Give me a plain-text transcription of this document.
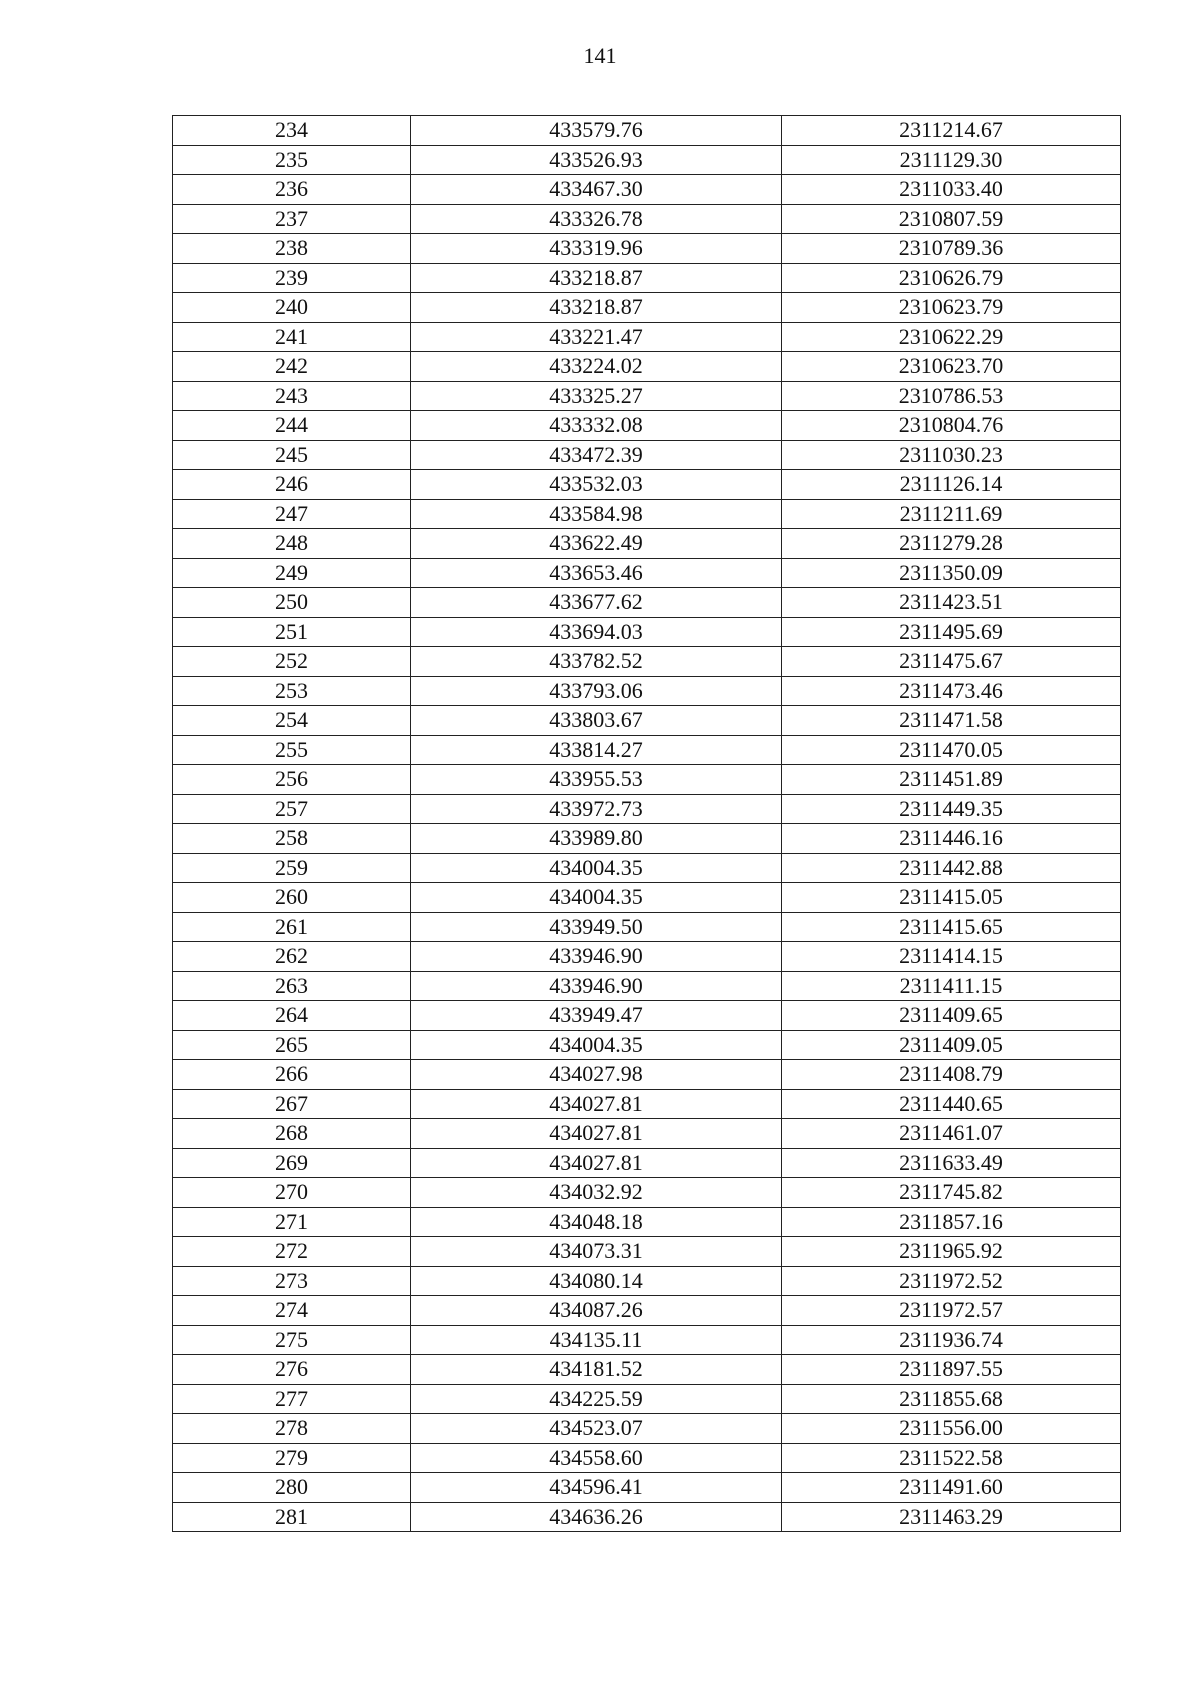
141
234	433579.76	2311214.67
235	433526.93	2311129.30
236	433467.30	2311033.40
237	433326.78	2310807.59
238	433319.96	2310789.36
239	433218.87	2310626.79
240	433218.87	2310623.79
241	433221.47	2310622.29
242	433224.02	2310623.70
243	433325.27	2310786.53
244	433332.08	2310804.76
245	433472.39	2311030.23
246	433532.03	2311126.14
247	433584.98	2311211.69
248	433622.49	2311279.28
249	433653.46	2311350.09
250	433677.62	2311423.51
251	433694.03	2311495.69
252	433782.52	2311475.67
253	433793.06	2311473.46
254	433803.67	2311471.58
255	433814.27	2311470.05
256	433955.53	2311451.89
257	433972.73	2311449.35
258	433989.80	2311446.16
259	434004.35	2311442.88
260	434004.35	2311415.05
261	433949.50	2311415.65
262	433946.90	2311414.15
263	433946.90	2311411.15
264	433949.47	2311409.65
265	434004.35	2311409.05
266	434027.98	2311408.79
267	434027.81	2311440.65
268	434027.81	2311461.07
269	434027.81	2311633.49
270	434032.92	2311745.82
271	434048.18	2311857.16
272	434073.31	2311965.92
273	434080.14	2311972.52
274	434087.26	2311972.57
275	434135.11	2311936.74
276	434181.52	2311897.55
277	434225.59	2311855.68
278	434523.07	2311556.00
279	434558.60	2311522.58
280	434596.41	2311491.60
281	434636.26	2311463.29
